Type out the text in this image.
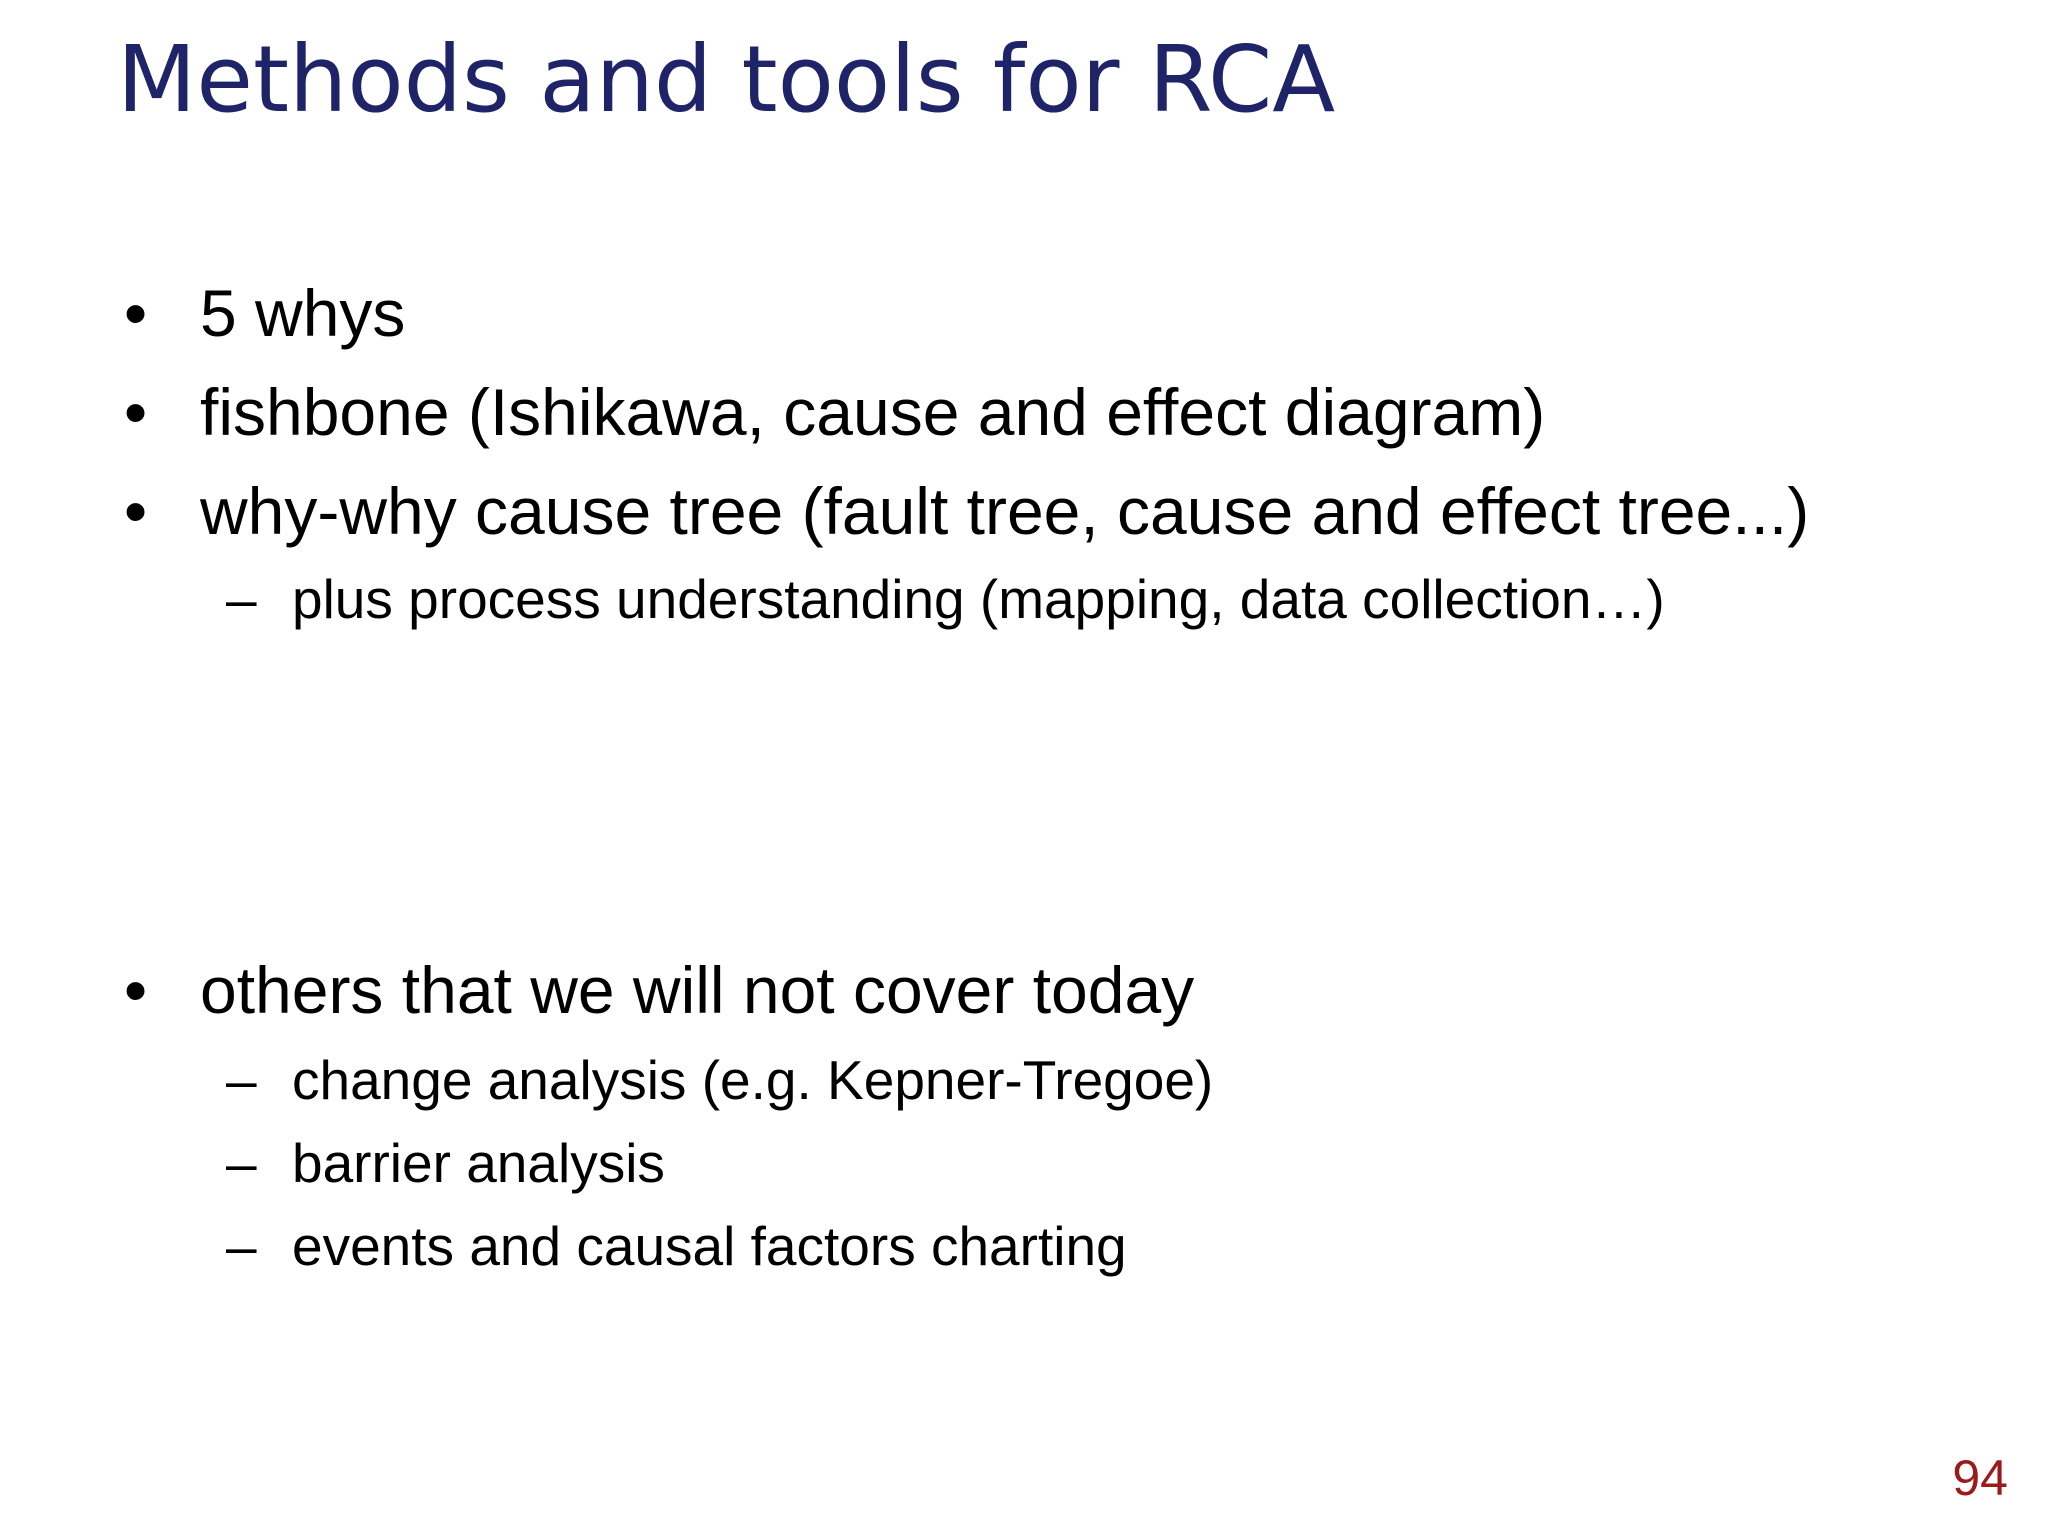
Methods and tools for RCA
• 5 whys
• fishbone (Ishikawa, cause and effect diagram)
• why-why cause tree (fault tree, cause and effect tree...)
– plus process understanding (mapping, data collection…)
• others that we will not cover today
– change analysis (e.g. Kepner-Tregoe)
– barrier analysis
– events and causal factors charting
94
